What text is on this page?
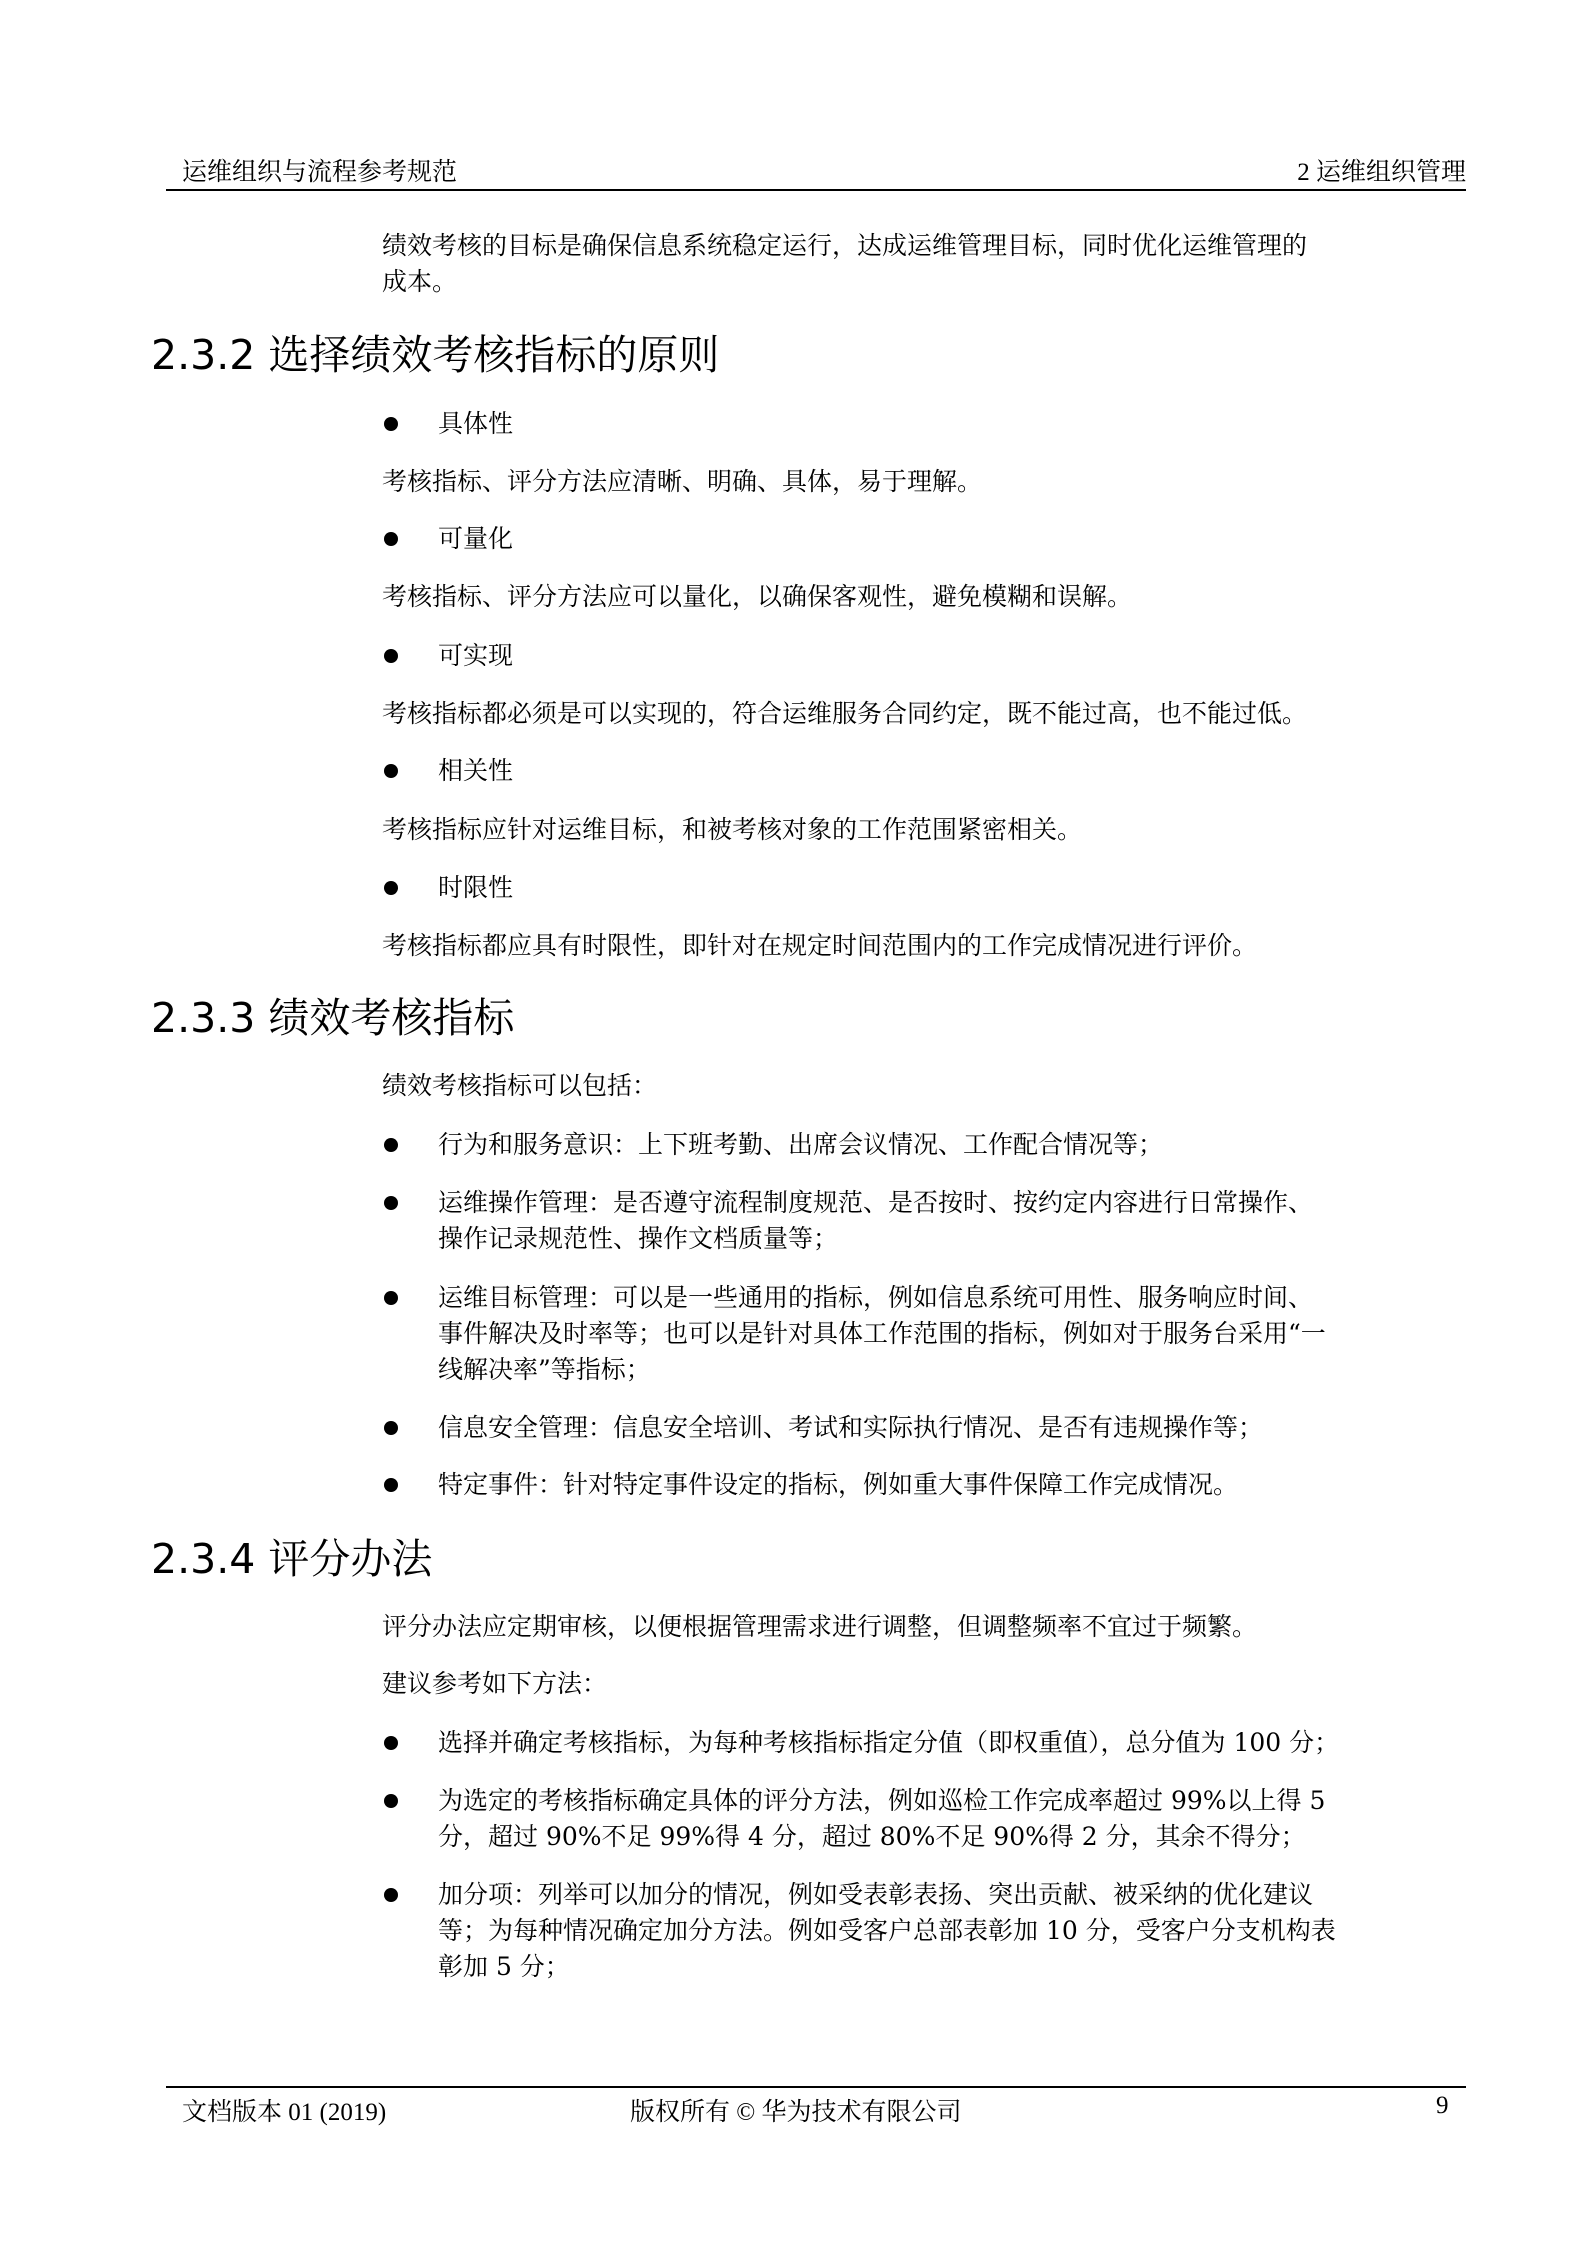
运维组织与流程参考规范	2 运维组织管理
绩效考核的目标是确保信息系统稳定运行，达成运维管理目标，同时优化运维管理的
成本。
2.3.2 选择绩效考核指标的原则
具体性
考核指标、评分方法应清晰、明确、具体，易于理解。
可量化
考核指标、评分方法应可以量化，以确保客观性，避免模糊和误解。
可实现
考核指标都必须是可以实现的，符合运维服务合同约定，既不能过高，也不能过低。
相关性
考核指标应针对运维目标，和被考核对象的工作范围紧密相关。
时限性
考核指标都应具有时限性，即针对在规定时间范围内的工作完成情况进行评价。
2.3.3 绩效考核指标
绩效考核指标可以包括：
行为和服务意识：上下班考勤、出席会议情况、工作配合情况等；
运维操作管理：是否遵守流程制度规范、是否按时、按约定内容进行日常操作、
操作记录规范性、操作文档质量等；
运维目标管理：可以是一些通用的指标，例如信息系统可用性、服务响应时间、
事件解决及时率等；也可以是针对具体工作范围的指标，例如对于服务台采用“一
线解决率”等指标；
信息安全管理：信息安全培训、考试和实际执行情况、是否有违规操作等；
特定事件：针对特定事件设定的指标，例如重大事件保障工作完成情况。
2.3.4 评分办法
评分办法应定期审核，以便根据管理需求进行调整，但调整频率不宜过于频繁。
建议参考如下方法：
选择并确定考核指标，为每种考核指标指定分值（即权重值），总分值为 100 分；
为选定的考核指标确定具体的评分方法，例如巡检工作完成率超过 99%以上得 5
分，超过 90%不足 99%得 4 分，超过 80%不足 90%得 2 分，其余不得分；
加分项：列举可以加分的情况，例如受表彰表扬、突出贡献、被采纳的优化建议
等；为每种情况确定加分方法。例如受客户总部表彰加 10 分，受客户分支机构表
彰加 5 分；
文档版本 01 (2019)	版权所有 © 华为技术有限公司	9
